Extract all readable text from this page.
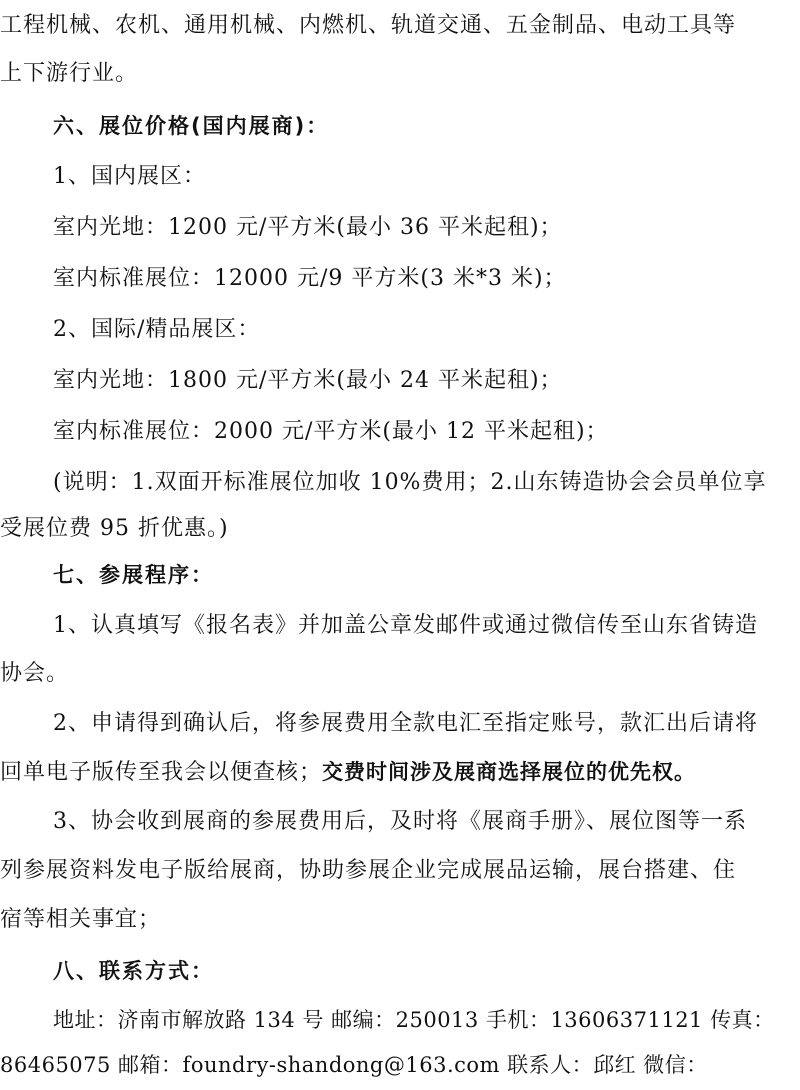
工程机械、农机、通用机械、内燃机、轨道交通、五金制品、电动工具等
上下游行业。
六、展位价格(国内展商)：
1、国内展区：
室内光地：1200 元/平方米(最小 36 平米起租)；
室内标准展位：12000 元/9 平方米(3 米*3 米)；
2、国际/精品展区：
室内光地：1800 元/平方米(最小 24 平米起租)；
室内标准展位：2000 元/平方米(最小 12 平米起租)；
(说明：1.双面开标准展位加收 10%费用；2.山东铸造协会会员单位享
受展位费 95 折优惠。)
七、参展程序：
1、认真填写《报名表》并加盖公章发邮件或通过微信传至山东省铸造
协会。
2、申请得到确认后，将参展费用全款电汇至指定账号，款汇出后请将
回单电子版传至我会以便查核；交费时间涉及展商选择展位的优先权。
3、协会收到展商的参展费用后，及时将《展商手册》、展位图等一系
列参展资料发电子版给展商，协助参展企业完成展品运输，展台搭建、住
宿等相关事宜；
八、联系方式：
地址：济南市解放路 134 号 邮编：250013 手机：13606371121 传真：
86465075 邮箱：foundry-shandong@163.com 联系人：邱红 微信：
